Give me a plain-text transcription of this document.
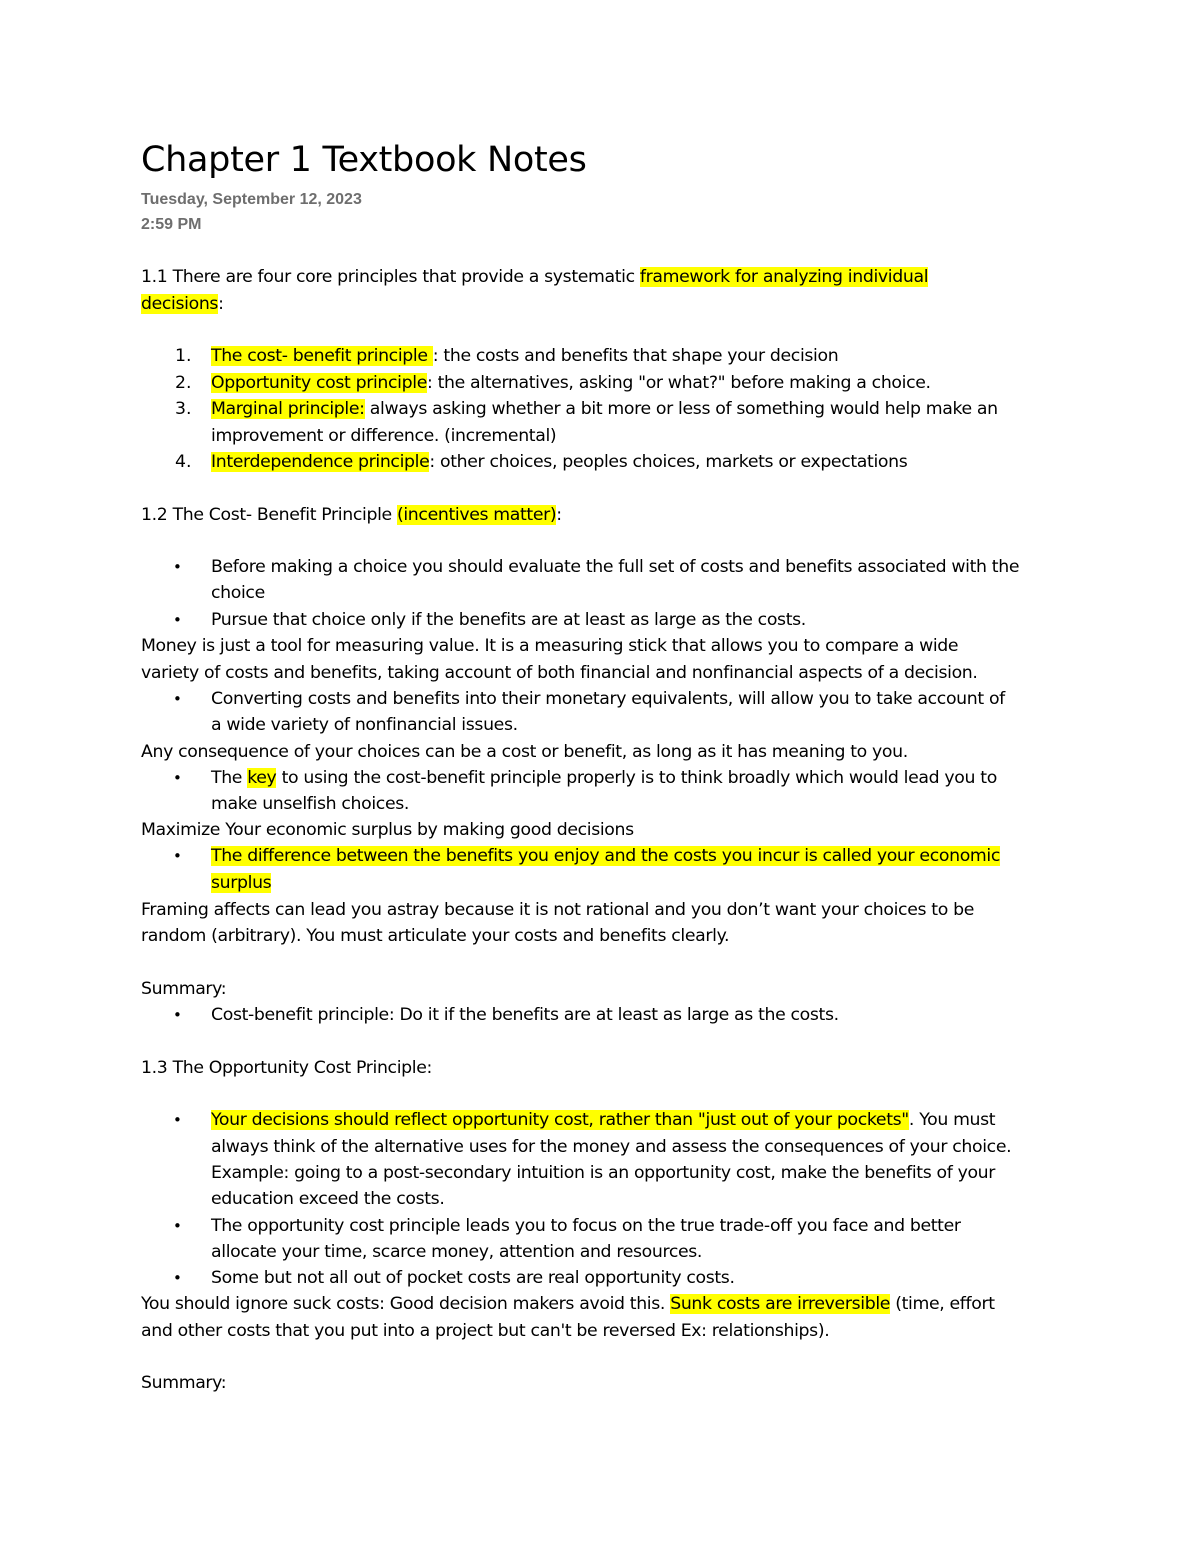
Chapter 1 Textbook Notes
Tuesday, September 12, 2023
2:59 PM
1.1 There are four core principles that provide a systematic framework for analyzing individual
decisions:
1. The cost- benefit principle : the costs and benefits that shape your decision
2. Opportunity cost principle: the alternatives, asking "or what?" before making a choice.
3. Marginal principle: always asking whether a bit more or less of something would help make an
improvement or difference. (incremental)
4. Interdependence principle: other choices, peoples choices, markets or expectations
1.2 The Cost- Benefit Principle (incentives matter):
• Before making a choice you should evaluate the full set of costs and benefits associated with the
choice
• Pursue that choice only if the benefits are at least as large as the costs.
Money is just a tool for measuring value. It is a measuring stick that allows you to compare a wide
variety of costs and benefits, taking account of both financial and nonfinancial aspects of a decision.
• Converting costs and benefits into their monetary equivalents, will allow you to take account of
a wide variety of nonfinancial issues.
Any consequence of your choices can be a cost or benefit, as long as it has meaning to you.
• The key to using the cost-benefit principle properly is to think broadly which would lead you to
make unselfish choices.
Maximize Your economic surplus by making good decisions
• The difference between the benefits you enjoy and the costs you incur is called your economic
surplus
Framing affects can lead you astray because it is not rational and you don’t want your choices to be
random (arbitrary). You must articulate your costs and benefits clearly.
Summary:
• Cost-benefit principle: Do it if the benefits are at least as large as the costs.
1.3 The Opportunity Cost Principle:
• Your decisions should reflect opportunity cost, rather than "just out of your pockets". You must
always think of the alternative uses for the money and assess the consequences of your choice.
Example: going to a post-secondary intuition is an opportunity cost, make the benefits of your
education exceed the costs.
• The opportunity cost principle leads you to focus on the true trade-off you face and better
allocate your time, scarce money, attention and resources.
• Some but not all out of pocket costs are real opportunity costs.
You should ignore suck costs: Good decision makers avoid this. Sunk costs are irreversible (time, effort
and other costs that you put into a project but can't be reversed Ex: relationships).
Summary:
